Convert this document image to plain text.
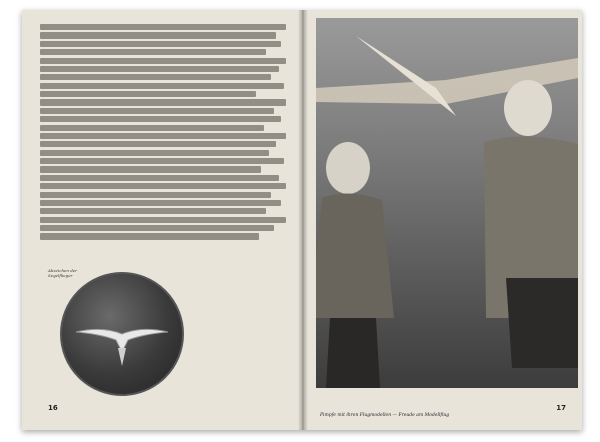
Abzeichen der Segelflieger
16
Pimpfe mit ihren Flugmodellen — Freude am Modellflug
17
